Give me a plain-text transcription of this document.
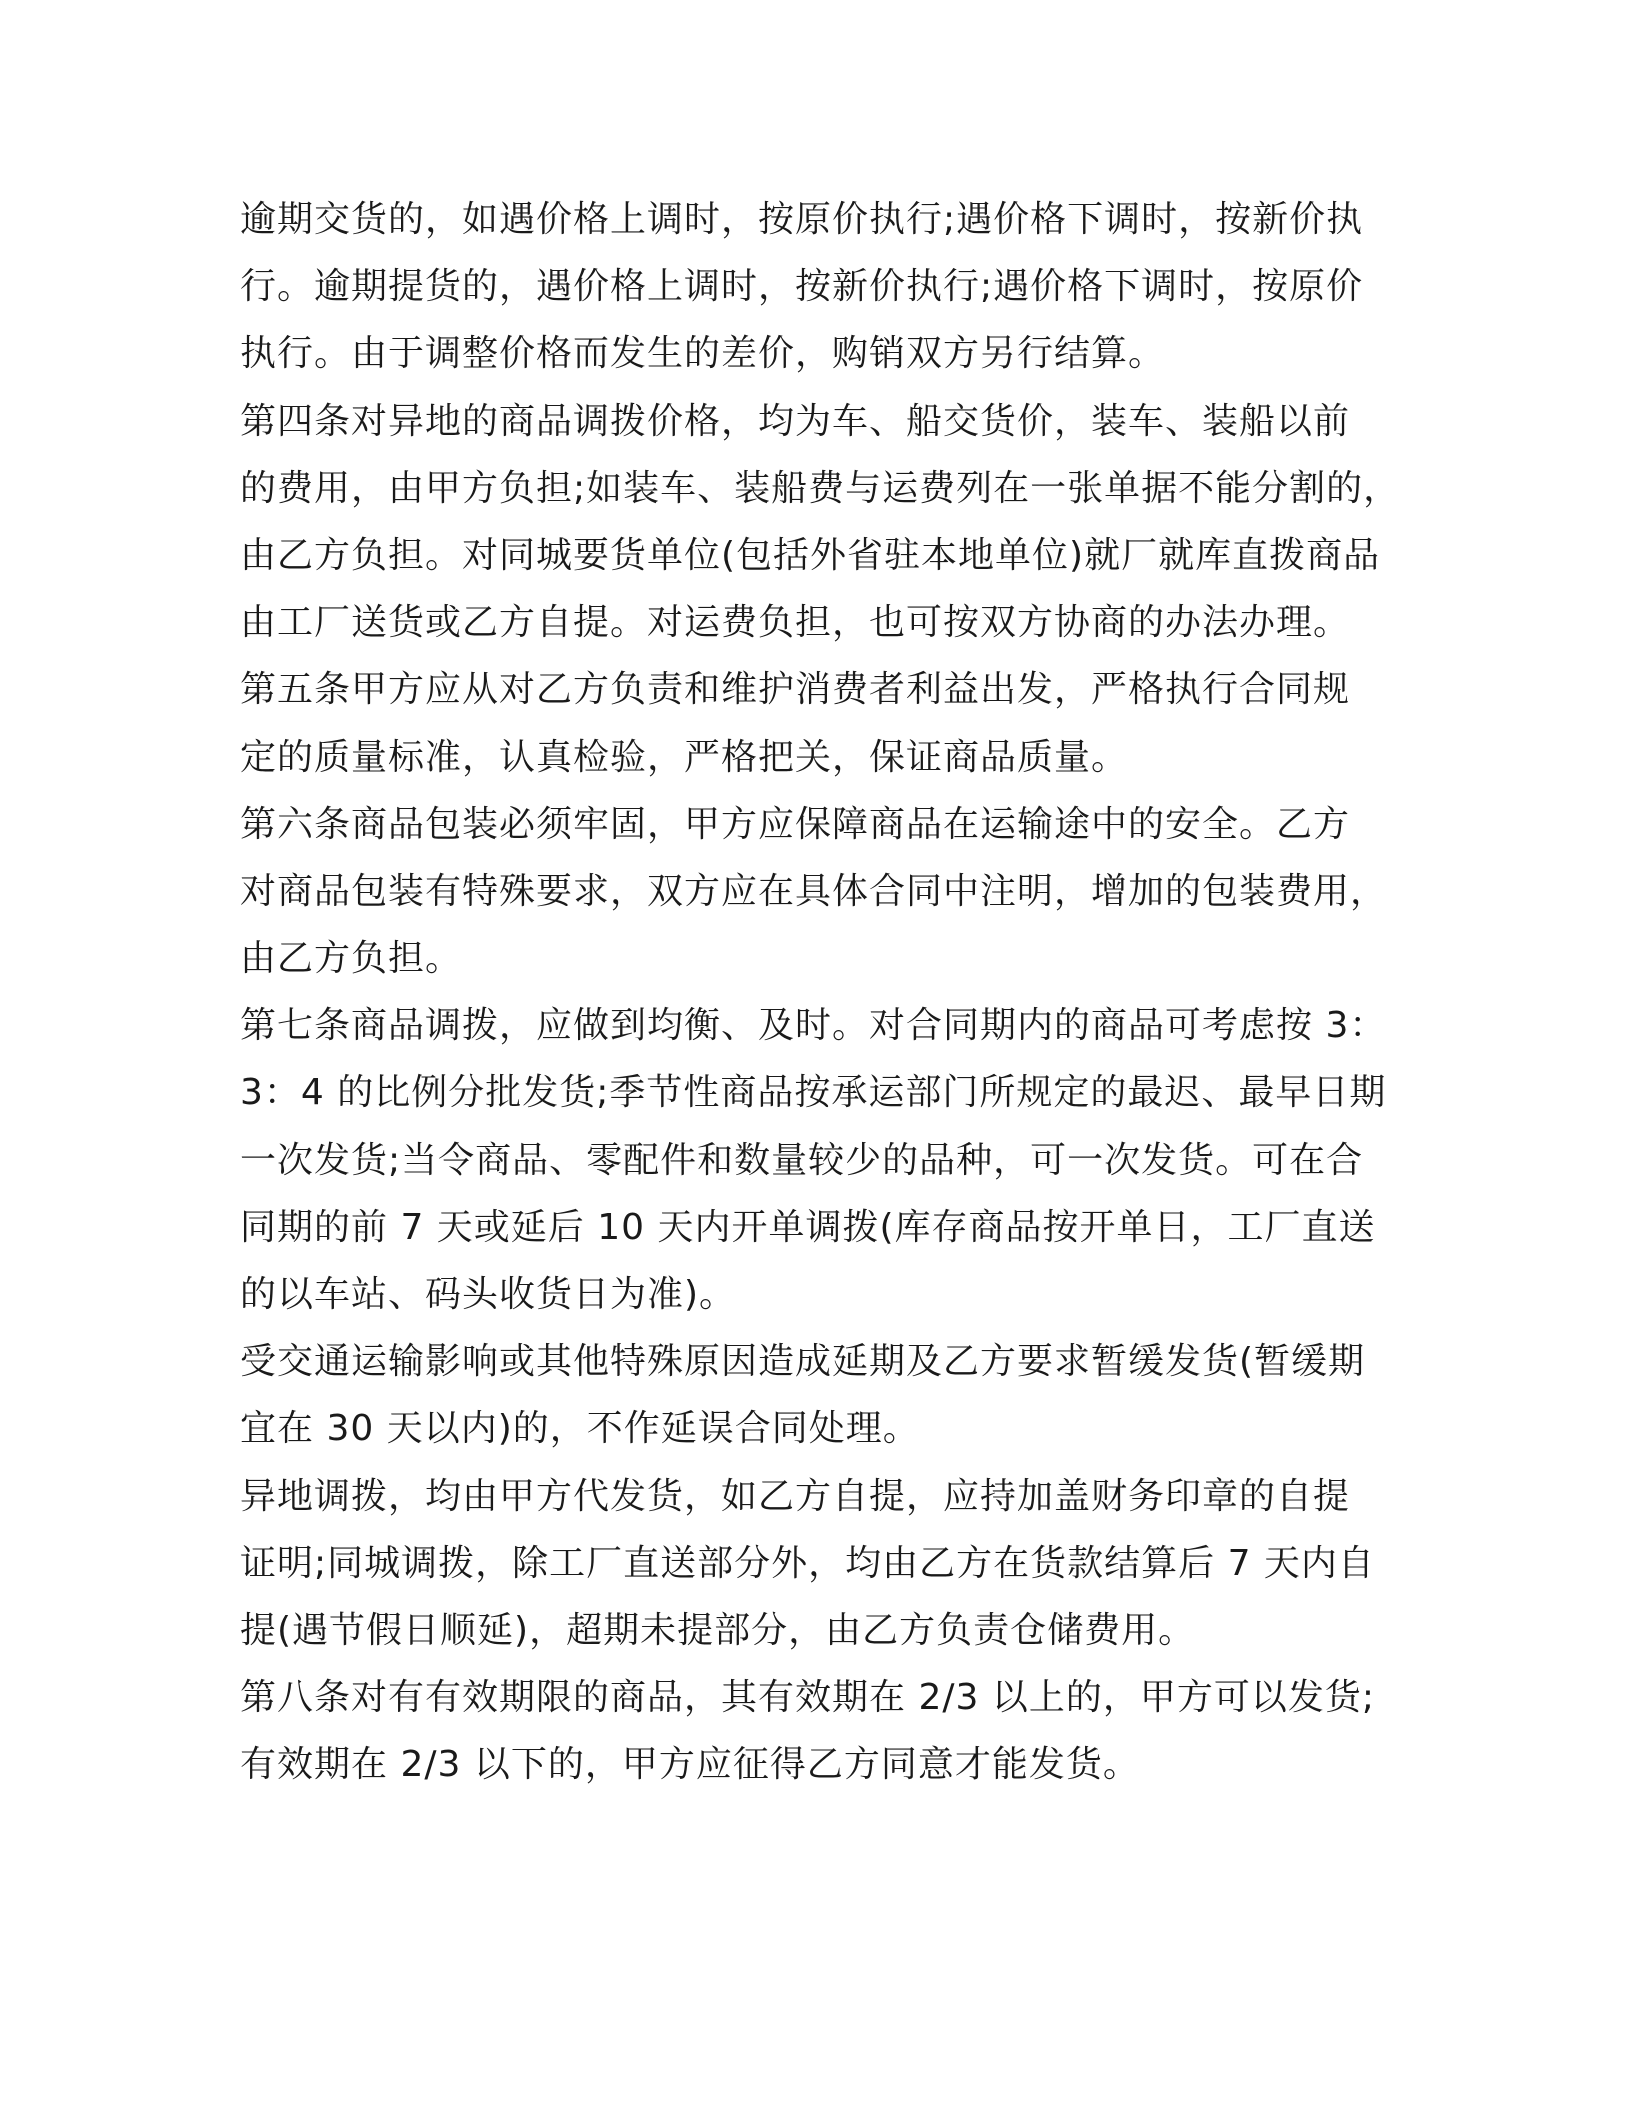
逾期交货的，如遇价格上调时，按原价执行;遇价格下调时，按新价执
行。逾期提货的，遇价格上调时，按新价执行;遇价格下调时，按原价
执行。由于调整价格而发生的差价，购销双方另行结算。
第四条对异地的商品调拨价格，均为车、船交货价，装车、装船以前
的费用，由甲方负担;如装车、装船费与运费列在一张单据不能分割的，
由乙方负担。对同城要货单位(包括外省驻本地单位)就厂就库直拨商品
由工厂送货或乙方自提。对运费负担，也可按双方协商的办法办理。
第五条甲方应从对乙方负责和维护消费者利益出发，严格执行合同规
定的质量标准，认真检验，严格把关，保证商品质量。
第六条商品包装必须牢固，甲方应保障商品在运输途中的安全。乙方
对商品包装有特殊要求，双方应在具体合同中注明，增加的包装费用，
由乙方负担。
第七条商品调拨，应做到均衡、及时。对合同期内的商品可考虑按 3：
3：4 的比例分批发货;季节性商品按承运部门所规定的最迟、最早日期
一次发货;当令商品、零配件和数量较少的品种，可一次发货。可在合
同期的前 7 天或延后 10 天内开单调拨(库存商品按开单日，工厂直送
的以车站、码头收货日为准)。
受交通运输影响或其他特殊原因造成延期及乙方要求暂缓发货(暂缓期
宜在 30 天以内)的，不作延误合同处理。
异地调拨，均由甲方代发货，如乙方自提，应持加盖财务印章的自提
证明;同城调拨，除工厂直送部分外，均由乙方在货款结算后 7 天内自
提(遇节假日顺延)，超期未提部分，由乙方负责仓储费用。
第八条对有有效期限的商品，其有效期在 2/3 以上的，甲方可以发货;
有效期在 2/3 以下的，甲方应征得乙方同意才能发货。
